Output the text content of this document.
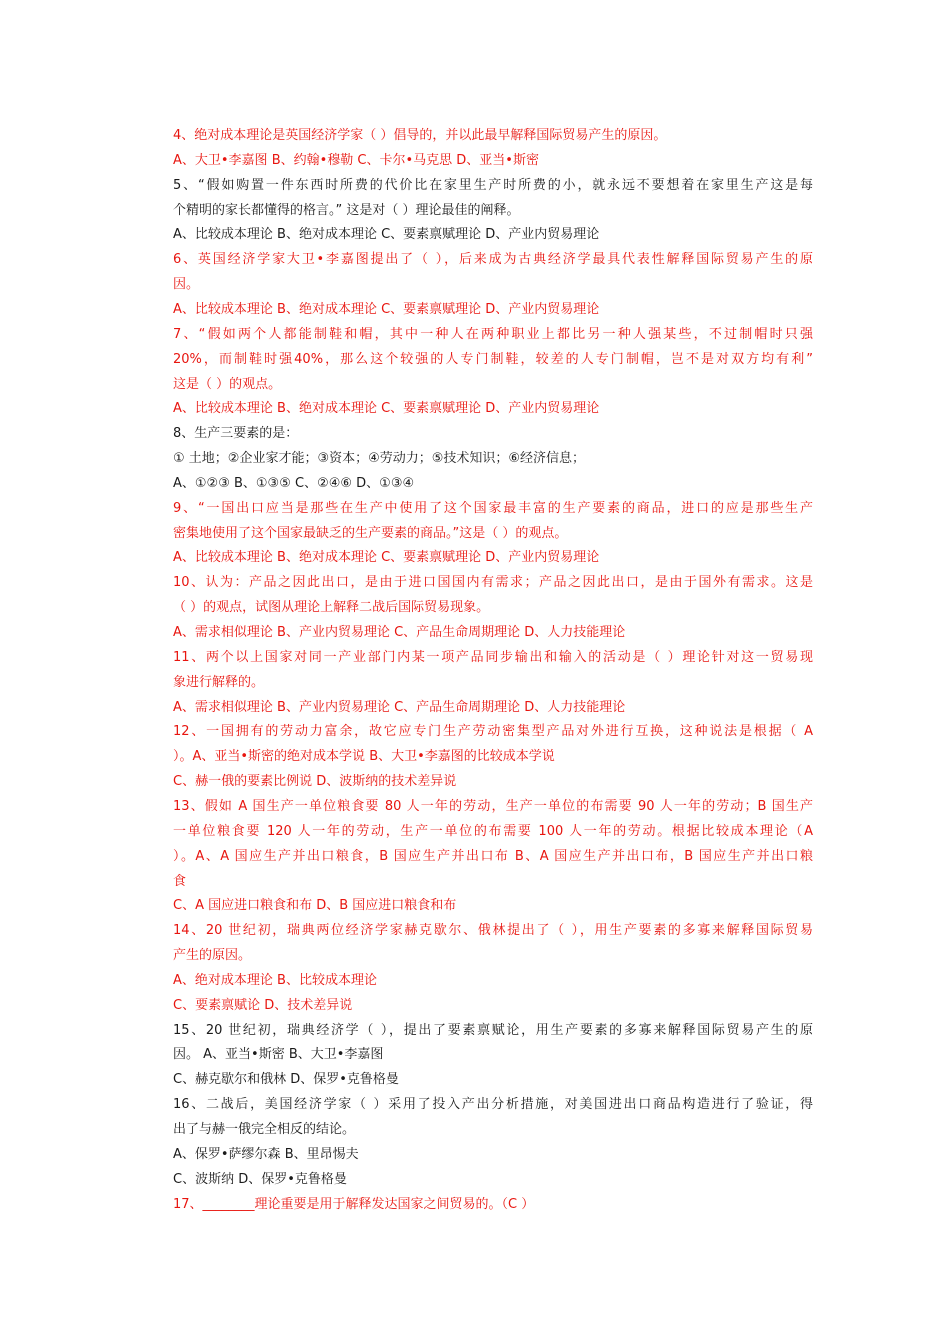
4、绝对成本理论是英国经济学家（ ）倡导的，并以此最早解释国际贸易产生的原因。
A、大卫•李嘉图 B、约翰•穆勒 C、卡尔•马克思 D、亚当•斯密
5、“假如购置一件东西时所费的代价比在家里生产时所费的小，就永远不要想着在家里生产这是每
个精明的家长都懂得的格言。” 这是对（ ）理论最佳的阐释。
A、比较成本理论 B、绝对成本理论 C、要素禀赋理论 D、产业内贸易理论
6、英国经济学家大卫•李嘉图提出了（ ），后来成为古典经济学最具代表性解释国际贸易产生的原
因。
A、比较成本理论 B、绝对成本理论 C、要素禀赋理论 D、产业内贸易理论
7、“假如两个人都能制鞋和帽，其中一种人在两种职业上都比另一种人强某些，不过制帽时只强
20%，而制鞋时强40%，那么这个较强的人专门制鞋，较差的人专门制帽，岂不是对双方均有利”
这是（ ）的观点。
A、比较成本理论 B、绝对成本理论 C、要素禀赋理论 D、产业内贸易理论
8、生产三要素的是：
① 土地；②企业家才能；③资本；④劳动力；⑤技术知识；⑥经济信息；
A、①②③ B、①③⑤ C、②④⑥ D、①③④
9、“一国出口应当是那些在生产中使用了这个国家最丰富的生产要素的商品，进口的应是那些生产
密集地使用了这个国家最缺乏的生产要素的商品。”这是（ ）的观点。
A、比较成本理论 B、绝对成本理论 C、要素禀赋理论 D、产业内贸易理论
10、认为：产品之因此出口，是由于进口国国内有需求；产品之因此出口，是由于国外有需求。这是
（ ）的观点，试图从理论上解释二战后国际贸易现象。
A、需求相似理论 B、产业内贸易理论 C、产品生命周期理论 D、人力技能理论
11、两个以上国家对同一产业部门内某一项产品同步输出和输入的活动是（ ）理论针对这一贸易现
象进行解释的。
A、需求相似理论 B、产业内贸易理论 C、产品生命周期理论 D、人力技能理论
12、一国拥有的劳动力富余，故它应专门生产劳动密集型产品对外进行互换，这种说法是根据（ A
）。A、亚当•斯密的绝对成本学说 B、大卫•李嘉图的比较成本学说
C、赫一俄的要素比例说 D、波斯纳的技术差异说
13、假如 A 国生产一单位粮食要 80 人一年的劳动，生产一单位的布需要 90 人一年的劳动；B 国生产
一单位粮食要 120 人一年的劳动，生产一单位的布需要 100 人一年的劳动。根据比较成本理论（A
）。A、A 国应生产并出口粮食，B 国应生产并出口布 B、A 国应生产并出口布，B 国应生产并出口粮
食
C、A 国应进口粮食和布 D、B 国应进口粮食和布
14、20 世纪初，瑞典两位经济学家赫克歇尔、俄林提出了（ ），用生产要素的多寡来解释国际贸易
产生的原因。
A、绝对成本理论 B、比较成本理论
C、要素禀赋论 D、技术差异说
15、20 世纪初，瑞典经济学（ ），提出了要素禀赋论，用生产要素的多寡来解释国际贸易产生的原
因。 A、亚当•斯密 B、大卫•李嘉图
C、赫克歇尔和俄林 D、保罗•克鲁格曼
16、二战后，美国经济学家（ ）采用了投入产出分析措施，对美国进出口商品构造进行了验证，得
出了与赫一俄完全相反的结论。
A、保罗•萨缪尔森 B、里昂惕夫
C、波斯纳 D、保罗•克鲁格曼
17、________理论重要是用于解释发达国家之间贸易的。（C ）
